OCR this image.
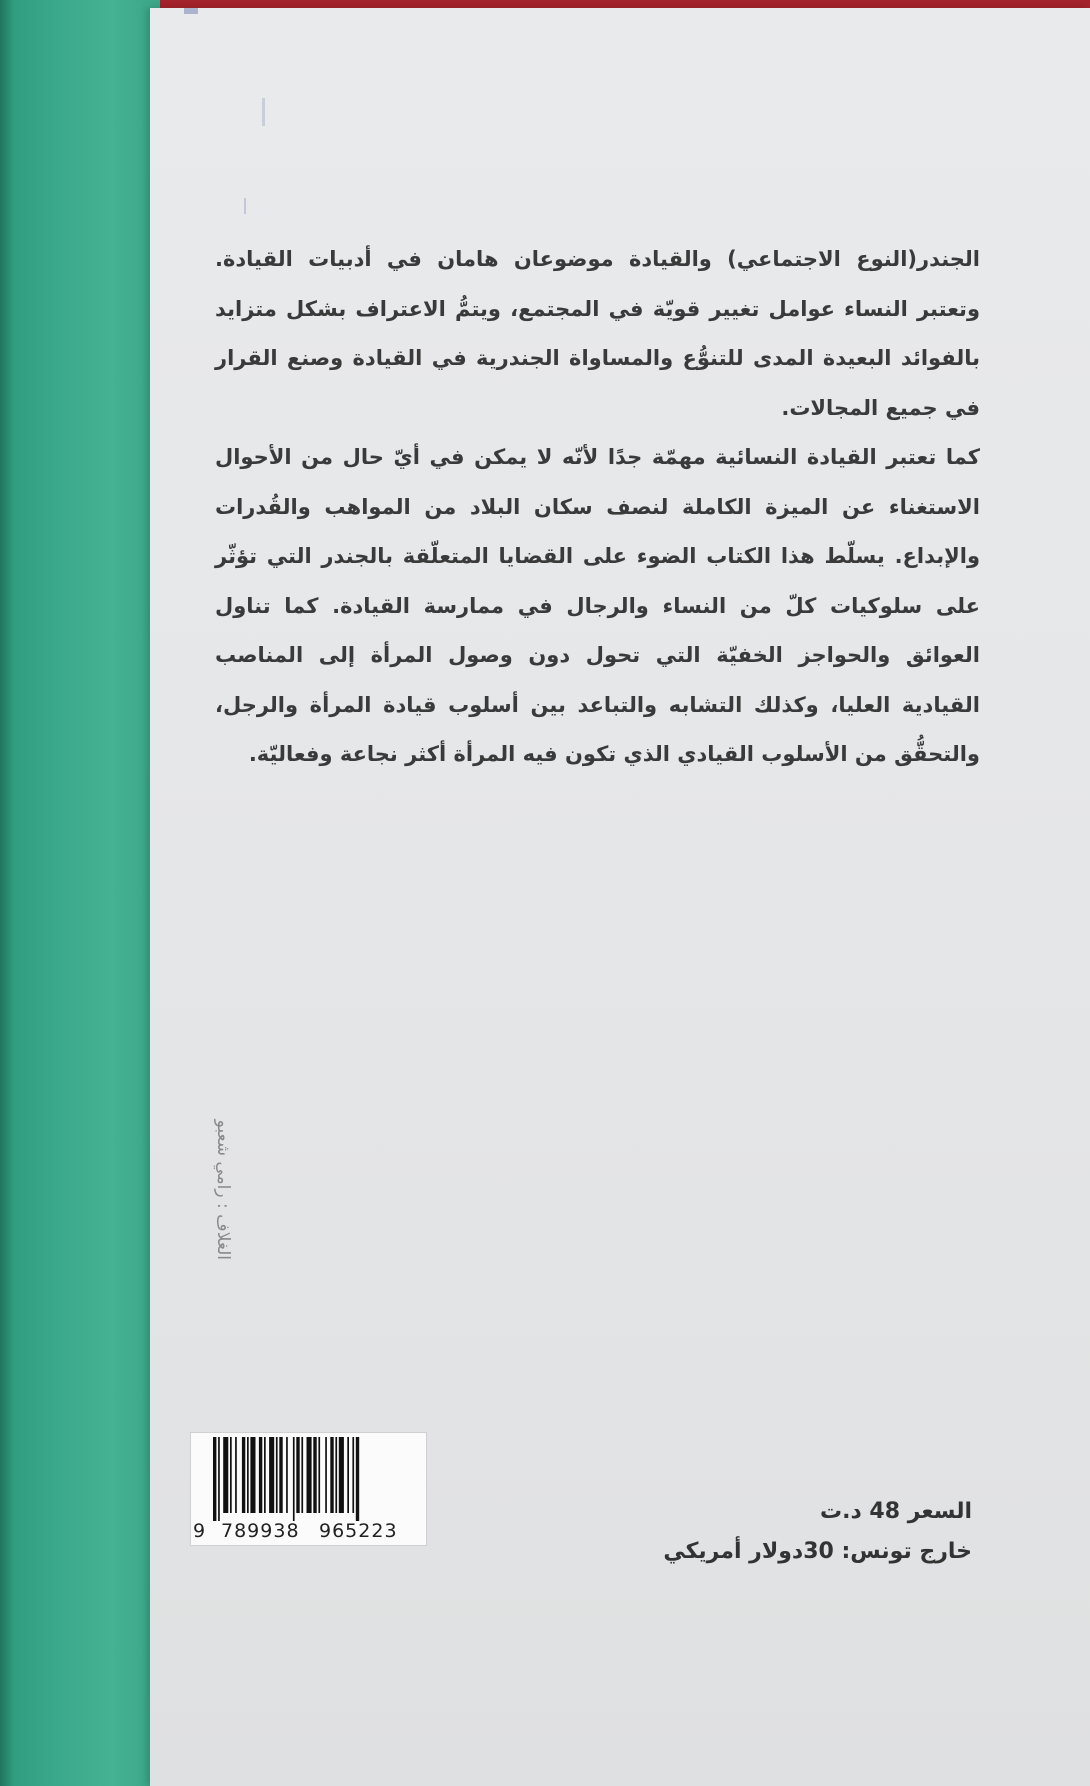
الجندر(النوع الاجتماعي) والقيادة موضوعان هامان في أدبيات القيادة. وتعتبر النساء عوامل تغيير قويّة في المجتمع، ويتمُّ الاعتراف بشكل متزايد بالفوائد البعيدة المدى للتنوُّع والمساواة الجندرية في القيادة وصنع القرار في جميع المجالات.

كما تعتبر القيادة النسائية مهمّة جدًا لأنّه لا يمكن في أيّ حال من الأحوال الاستغناء عن الميزة الكاملة لنصف سكان البلاد من المواهب والقُدرات والإبداع. يسلّط هذا الكتاب الضوء على القضايا المتعلّقة بالجندر التي تؤثّر على سلوكيات كلّ من النساء والرجال في ممارسة القيادة. كما تناول العوائق والحواجز الخفيّة التي تحول دون وصول المرأة إلى المناصب القيادية العليا، وكذلك التشابه والتباعد بين أسلوب قيادة المرأة والرجل، والتحقُّق من الأسلوب القيادي الذي تكون فيه المرأة أكثر نجاعة وفعاليّة.

الغلاف : رامي شعبو
9 789938 965223
السعر 48 د.ت
خارج تونس: 30دولار أمريكي
